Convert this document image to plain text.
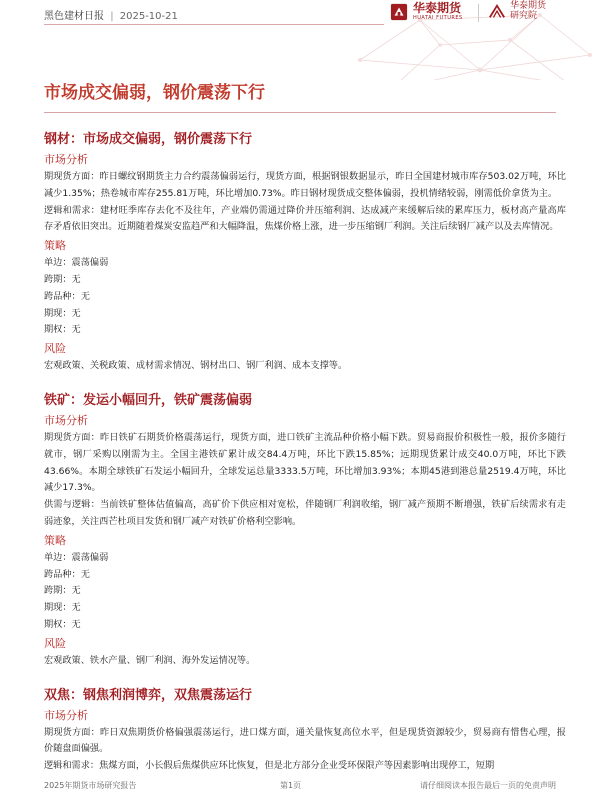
黑色建材日报 | 2025-10-21
华泰期货
HUATAI FUTURES
华泰期货
研究院
市场成交偏弱，钢价震荡下行
钢材：市场成交偏弱，钢价震荡下行
市场分析

期现货方面：昨日螺纹钢期货主力合约震荡偏弱运行，现货方面，根据钢银数据显示，昨日全国建材城市库存503.02万吨，环比减少1.35%；热卷城市库存255.81万吨，环比增加0.73%。昨日钢材现货成交整体偏弱，投机情绪较弱，刚需低价拿货为主。

逻辑和需求：建材旺季库存去化不及往年，产业端仍需通过降价并压缩利润、达成减产来缓解后续的累库压力，板材高产量高库存矛盾依旧突出。近期随着煤炭安监趋严和大幅降温，焦煤价格上涨，进一步压缩钢厂利润。关注后续钢厂减产以及去库情况。

策略

单边：震荡偏弱

跨期：无

跨品种：无

期现：无

期权：无

风险

宏观政策、关税政策、成材需求情况、钢材出口、钢厂利润、成本支撑等。

铁矿：发运小幅回升，铁矿震荡偏弱
市场分析

期现货方面：昨日铁矿石期货价格震荡运行，现货方面，进口铁矿主流品种价格小幅下跌。贸易商报价积极性一般，报价多随行就市，钢厂采购以刚需为主。全国主港铁矿累计成交84.4万吨，环比下跌15.85%；远期现货累计成交40.0万吨，环比下跌43.66%。本期全球铁矿石发运小幅回升，全球发运总量3333.5万吨，环比增加3.93%；本期45港到港总量2519.4万吨，环比减少17.3%。

供需与逻辑：当前铁矿整体估值偏高，高矿价下供应相对宽松，伴随钢厂利润收缩，钢厂减产预期不断增强，铁矿后续需求有走弱迹象，关注西芒杜项目发货和钢厂减产对铁矿价格利空影响。

策略

单边：震荡偏弱

跨品种：无

跨期：无

期现：无

期权：无

风险

宏观政策、铁水产量、钢厂利润、海外发运情况等。

双焦：钢焦利润博弈，双焦震荡运行
市场分析

期现货方面：昨日双焦期货价格偏强震荡运行，进口煤方面，通关量恢复高位水平，但是现货资源较少，贸易商有惜售心理，报价随盘面偏强。

逻辑和需求：焦煤方面，小长假后焦煤供应环比恢复，但是北方部分企业受环保限产等因素影响出现停工，短期

2025年期货市场研究报告	第1页	请仔细阅读本报告最后一页的免责声明
